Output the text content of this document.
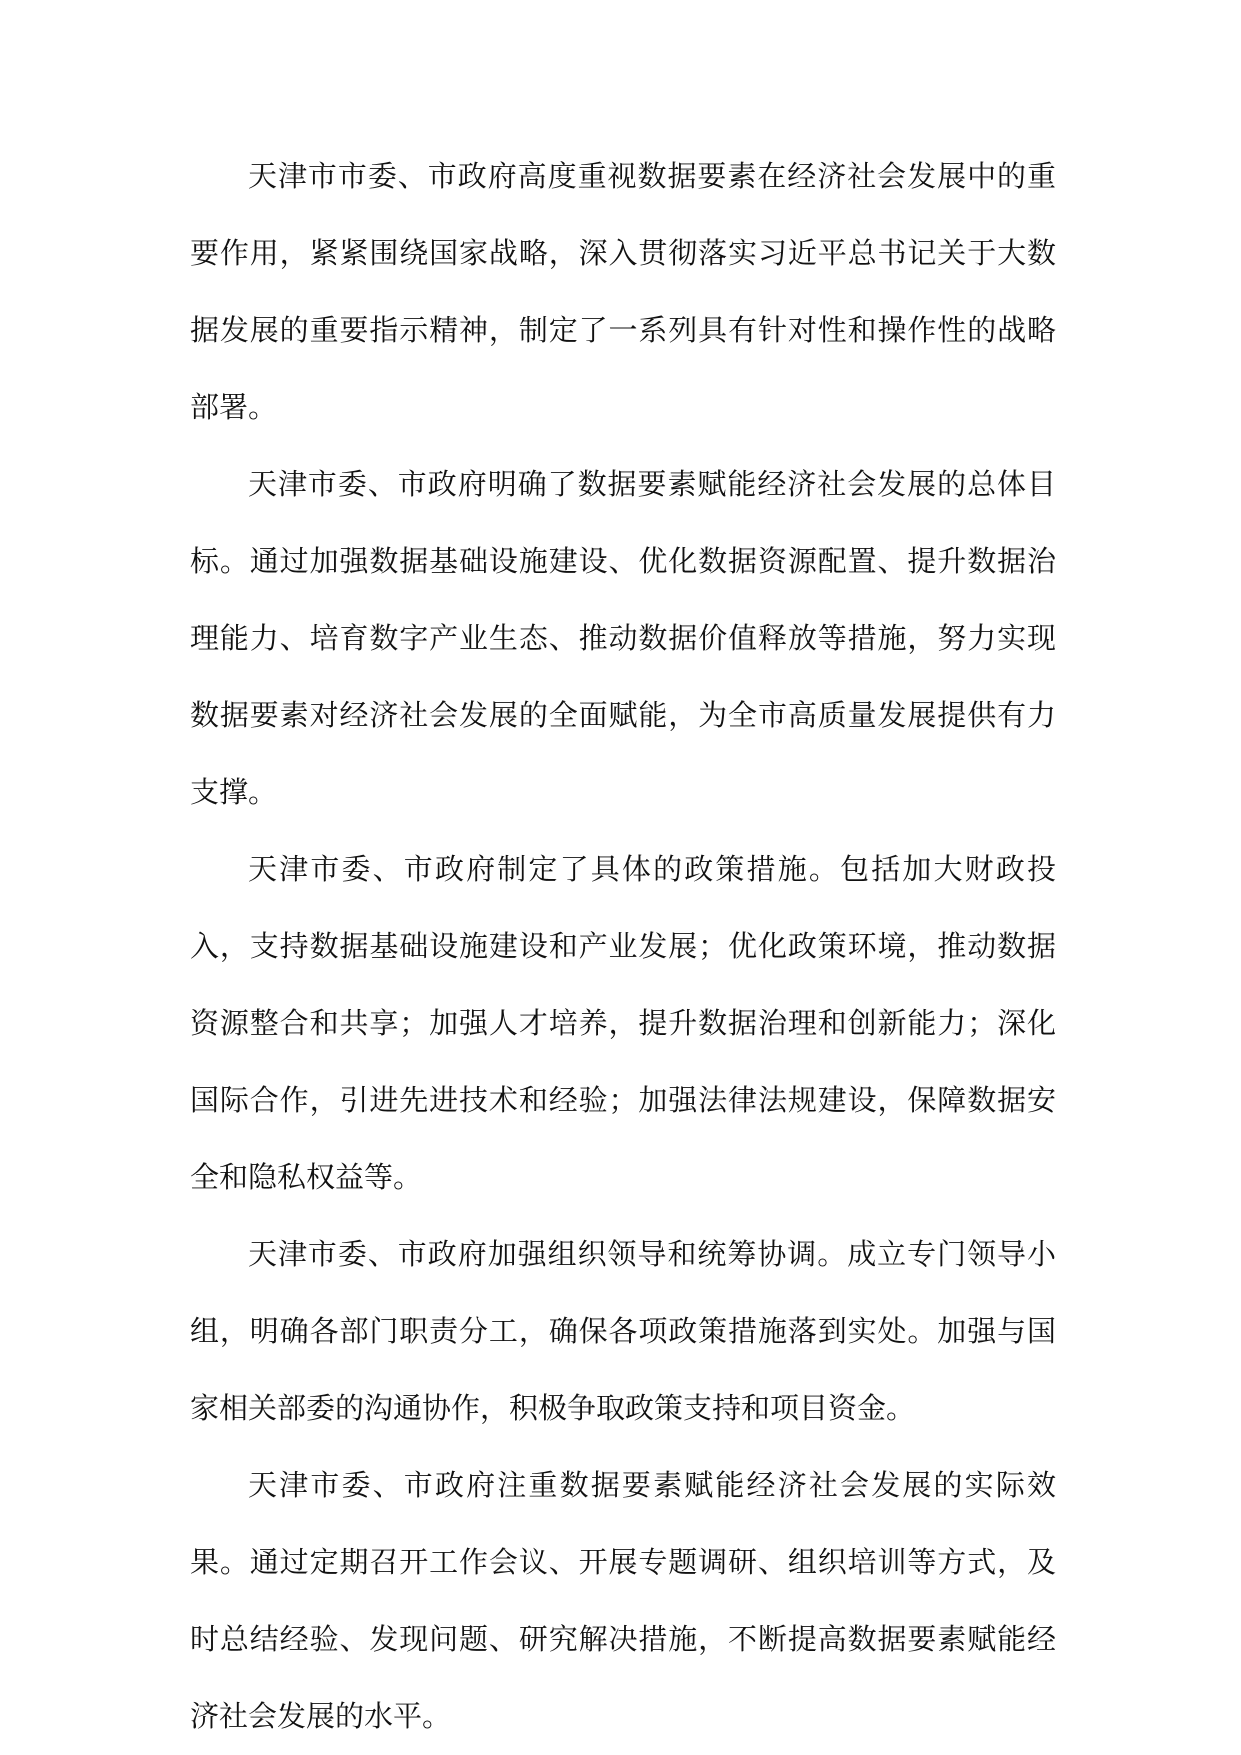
天津市市委、市政府高度重视数据要素在经济社会发展中的重要作用，紧紧围绕国家战略，深入贯彻落实习近平总书记关于大数据发展的重要指示精神，制定了一系列具有针对性和操作性的战略部署。

天津市委、市政府明确了数据要素赋能经济社会发展的总体目标。通过加强数据基础设施建设、优化数据资源配置、提升数据治理能力、培育数字产业生态、推动数据价值释放等措施，努力实现数据要素对经济社会发展的全面赋能，为全市高质量发展提供有力支撑。

天津市委、市政府制定了具体的政策措施。包括加大财政投入，支持数据基础设施建设和产业发展；优化政策环境，推动数据资源整合和共享；加强人才培养，提升数据治理和创新能力；深化国际合作，引进先进技术和经验；加强法律法规建设，保障数据安全和隐私权益等。

天津市委、市政府加强组织领导和统筹协调。成立专门领导小组，明确各部门职责分工，确保各项政策措施落到实处。加强与国家相关部委的沟通协作，积极争取政策支持和项目资金。

天津市委、市政府注重数据要素赋能经济社会发展的实际效果。通过定期召开工作会议、开展专题调研、组织培训等方式，及时总结经验、发现问题、研究解决措施，不断提高数据要素赋能经济社会发展的水平。
